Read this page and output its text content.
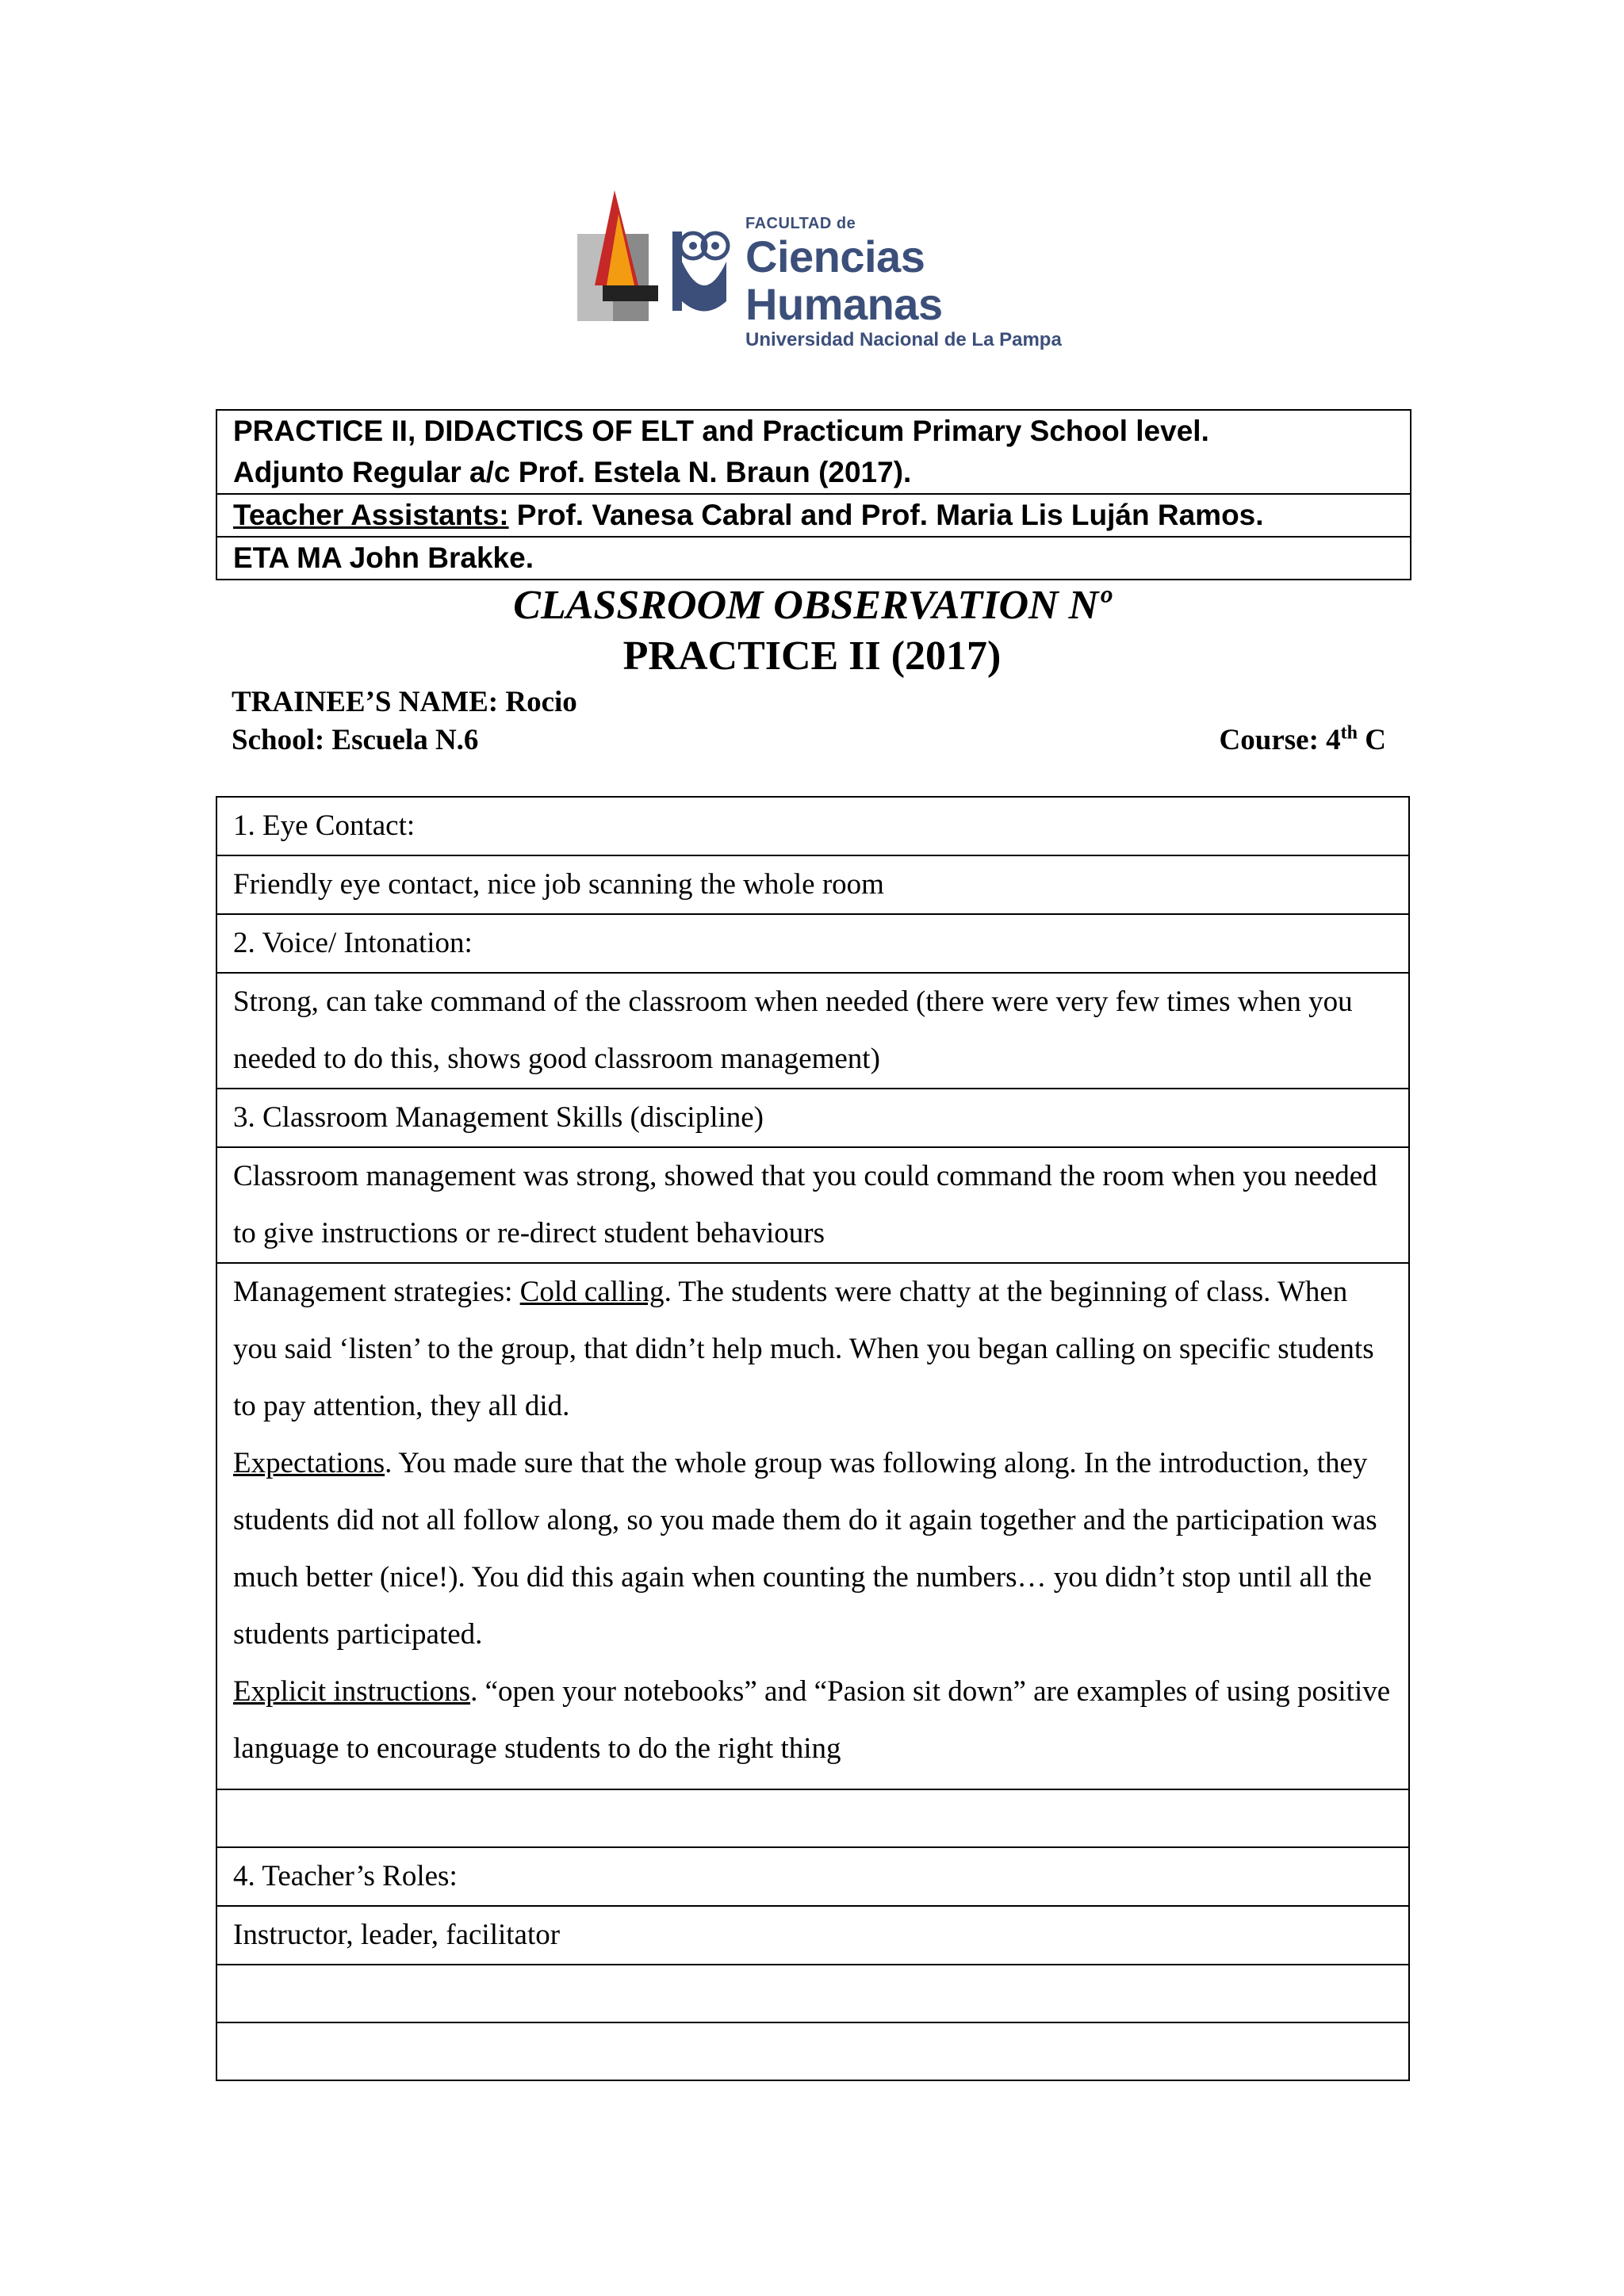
FACULTAD de
Ciencias Humanas
Universidad Nacional de La Pampa
PRACTICE II, DIDACTICS OF ELT and Practicum Primary School level.
Adjunto Regular a/c Prof. Estela N. Braun (2017).
Teacher Assistants: Prof. Vanesa Cabral and Prof. Maria Lis Luján Ramos.
ETA MA John Brakke.
CLASSROOM OBSERVATION Nº
PRACTICE II (2017)
TRAINEE’S NAME: Rocio
School: Escuela N.6	Course: 4th C
1. Eye Contact:
Friendly eye contact, nice job scanning the whole room
2. Voice/ Intonation:
Strong, can take command of the classroom when needed (there were very few times when you needed to do this, shows good classroom management)
3. Classroom Management Skills (discipline)
Classroom management was strong, showed that you could command the room when you needed to give instructions or re-direct student behaviours
Management strategies: Cold calling. The students were chatty at the beginning of class. When you said ‘listen’ to the group, that didn’t help much. When you began calling on specific students to pay attention, they all did.
Expectations. You made sure that the whole group was following along. In the introduction, they students did not all follow along, so you made them do it again together and the participation was much better (nice!). You did this again when counting the numbers… you didn’t stop until all the students participated.
Explicit instructions. “open your notebooks” and “Pasion sit down” are examples of using positive language to encourage students to do the right thing
4. Teacher’s Roles:
Instructor, leader, facilitator
